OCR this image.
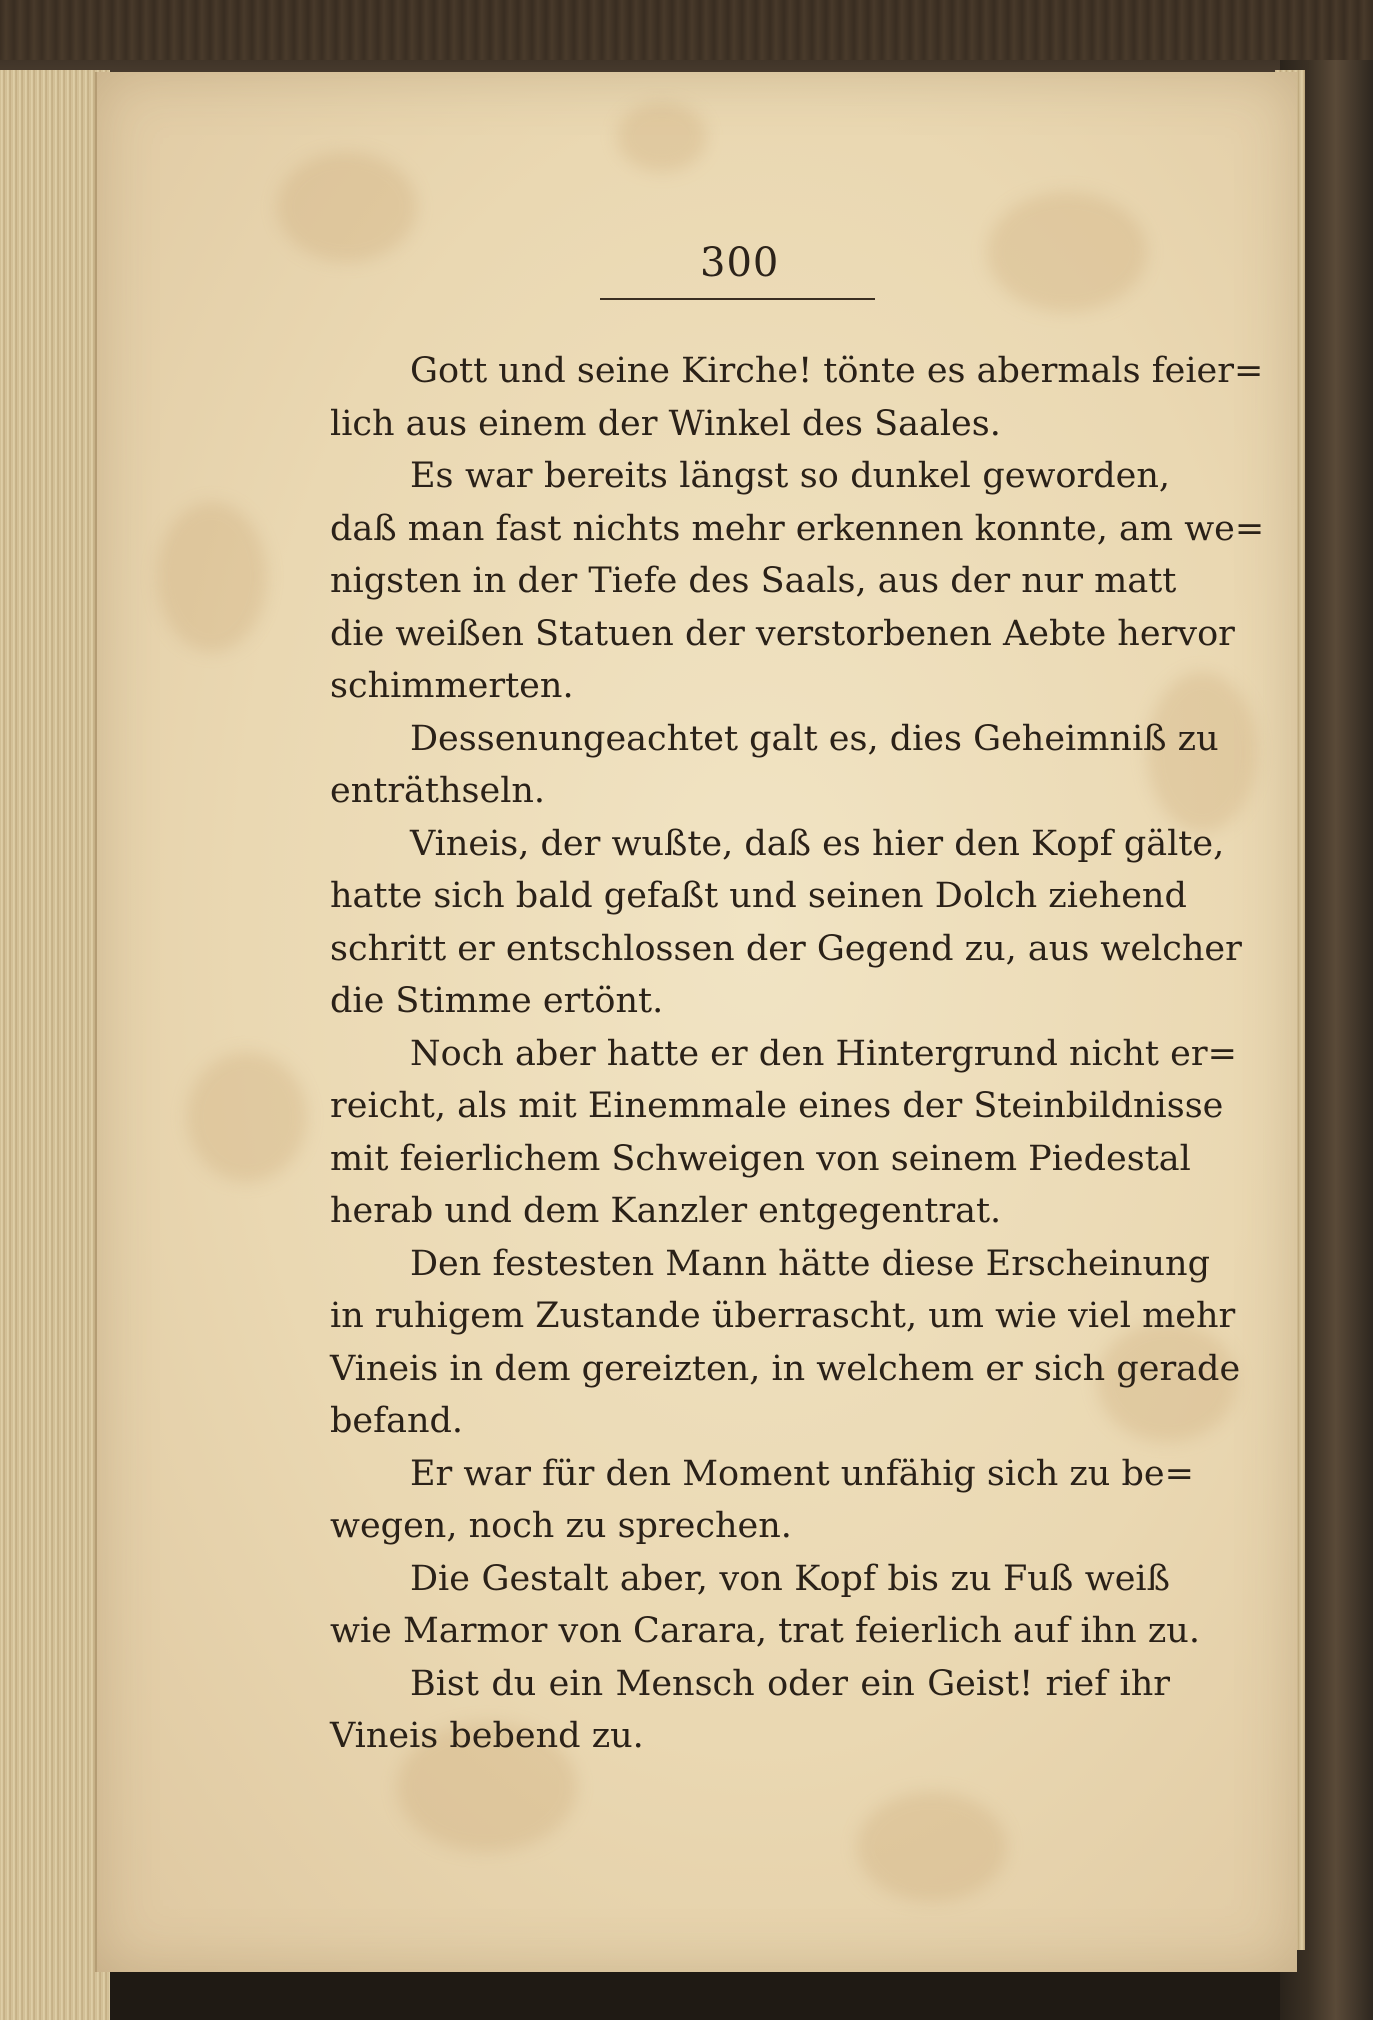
300
Gott und seine Kirche! tönte es abermals feier=
lich aus einem der Winkel des Saales.
Es war bereits längst so dunkel geworden,
daß man fast nichts mehr erkennen konnte, am we=
nigsten in der Tiefe des Saals, aus der nur matt
die weißen Statuen der verstorbenen Aebte hervor
schimmerten.
Dessenungeachtet galt es, dies Geheimniß zu
enträthseln.
Vineis, der wußte, daß es hier den Kopf gälte,
hatte sich bald gefaßt und seinen Dolch ziehend
schritt er entschlossen der Gegend zu, aus welcher
die Stimme ertönt.
Noch aber hatte er den Hintergrund nicht er=
reicht, als mit Einemmale eines der Steinbildnisse
mit feierlichem Schweigen von seinem Piedestal
herab und dem Kanzler entgegentrat.
Den festesten Mann hätte diese Erscheinung
in ruhigem Zustande überrascht, um wie viel mehr
Vineis in dem gereizten, in welchem er sich gerade
befand.
Er war für den Moment unfähig sich zu be=
wegen, noch zu sprechen.
Die Gestalt aber, von Kopf bis zu Fuß weiß
wie Marmor von Carara, trat feierlich auf ihn zu.
Bist du ein Mensch oder ein Geist! rief ihr
Vineis bebend zu.
